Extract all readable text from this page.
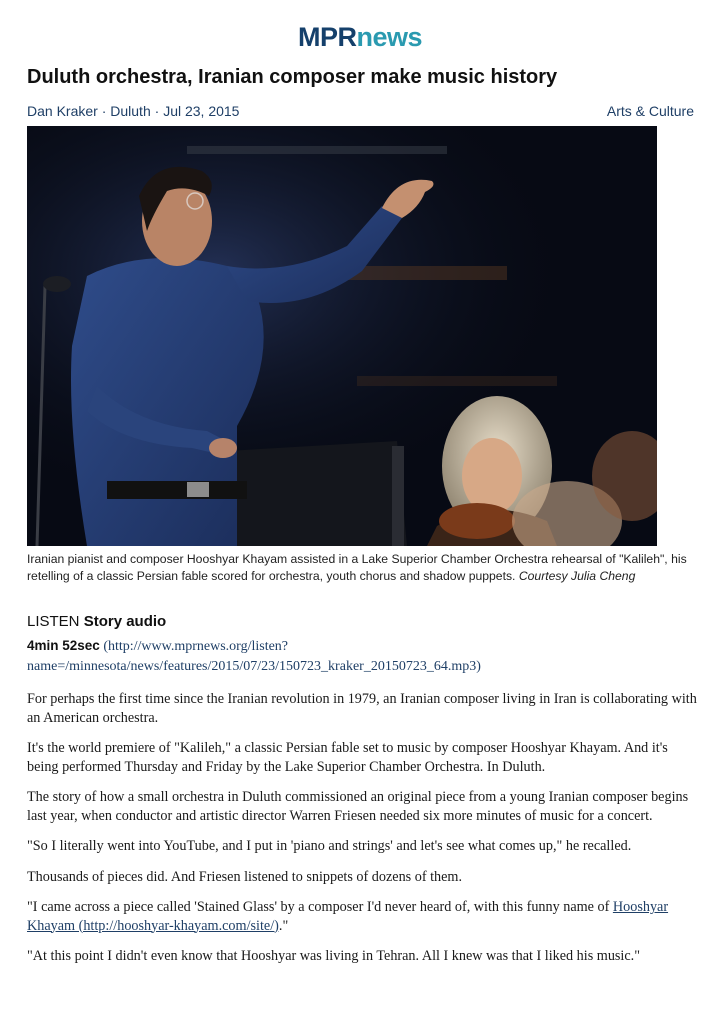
MPRnews
Duluth orchestra, Iranian composer make music history
Dan Kraker · Duluth · Jul 23, 2015	Arts & Culture
Iranian pianist and composer Hooshyar Khayam assisted in a Lake Superior Chamber Orchestra rehearsal of "Kalileh", his retelling of a classic Persian fable scored for orchestra, youth chorus and shadow puppets. Courtesy Julia Cheng
LISTEN Story audio
4min 52sec (http://www.mprnews.org/listen?
name=/minnesota/news/features/2015/07/23/150723_kraker_20150723_64.mp3)

For perhaps the first time since the Iranian revolution in 1979, an Iranian composer living in Iran is collaborating with an American orchestra.

It's the world premiere of "Kalileh," a classic Persian fable set to music by composer Hooshyar Khayam. And it's being performed Thursday and Friday by the Lake Superior Chamber Orchestra. In Duluth.

The story of how a small orchestra in Duluth commissioned an original piece from a young Iranian composer begins last year, when conductor and artistic director Warren Friesen needed six more minutes of music for a concert.

"So I literally went into YouTube, and I put in 'piano and strings' and let's see what comes up," he recalled.

Thousands of pieces did. And Friesen listened to snippets of dozens of them.

"I came across a piece called 'Stained Glass' by a composer I'd never heard of, with this funny name of Hooshyar Khayam (http://hooshyar-khayam.com/site/)."

"At this point I didn't even know that Hooshyar was living in Tehran. All I knew was that I liked his music."
